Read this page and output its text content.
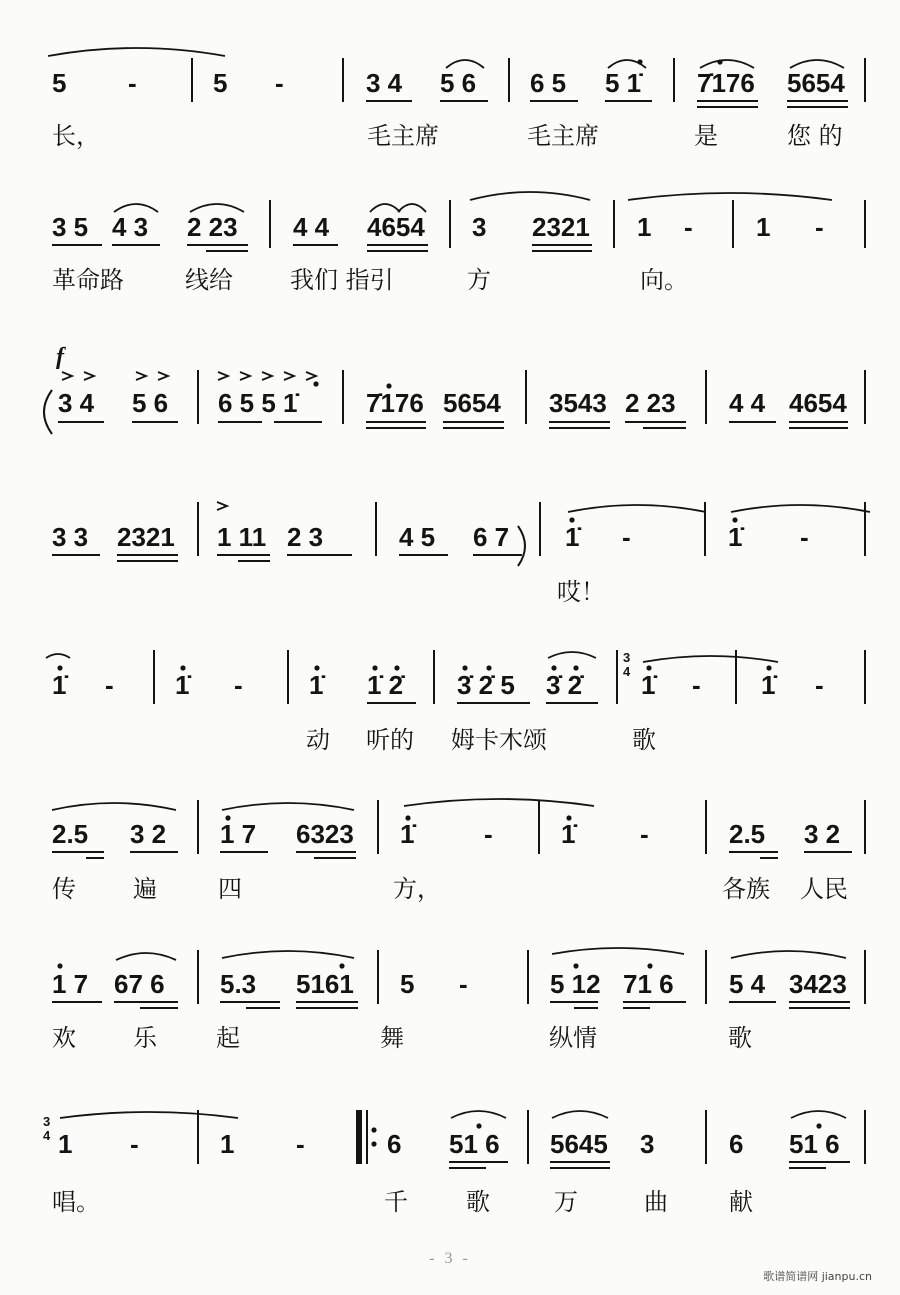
5 -	5 -	3 4 5 6 6 5 5 1̇ 7̇176 5654
长，	毛主席	毛主席	是	您 的
3 5 4 3 2 23 4 4 4654 3 2321 1 - 1 -
革命路	线给 我们 指引	方	向。
f
3 4 5 6 6 5 5 1̇	7̇176 5654 3543 2 23 4 4 4654
3 3 2321 1 11 2 3	4 5 6 7 1̇ -	1̇ -
哎！
1̇ - 1̇ -	1̇ 1̇ 2̇ 3̇ 2̇ 5 3̇ 2̇
3
4 1̇ - 1̇ -
动 听的 姆卡木颂	歌
2.5 3 2 1 7 6323 1̇	-	1̇ -	2.5 3 2
传 遍	四	方，	各族 人民
1 7 67 6 5.3 5161 5 -	5 12 71 6 5 4 3423
欢 乐 起	舞	纵情	歌
3
4 1 -	1 -	6 51 6 5645 3	6 51 6
唱。	千 歌	万	曲	献
- 3 -
歌谱简谱网 jianpu.cn
